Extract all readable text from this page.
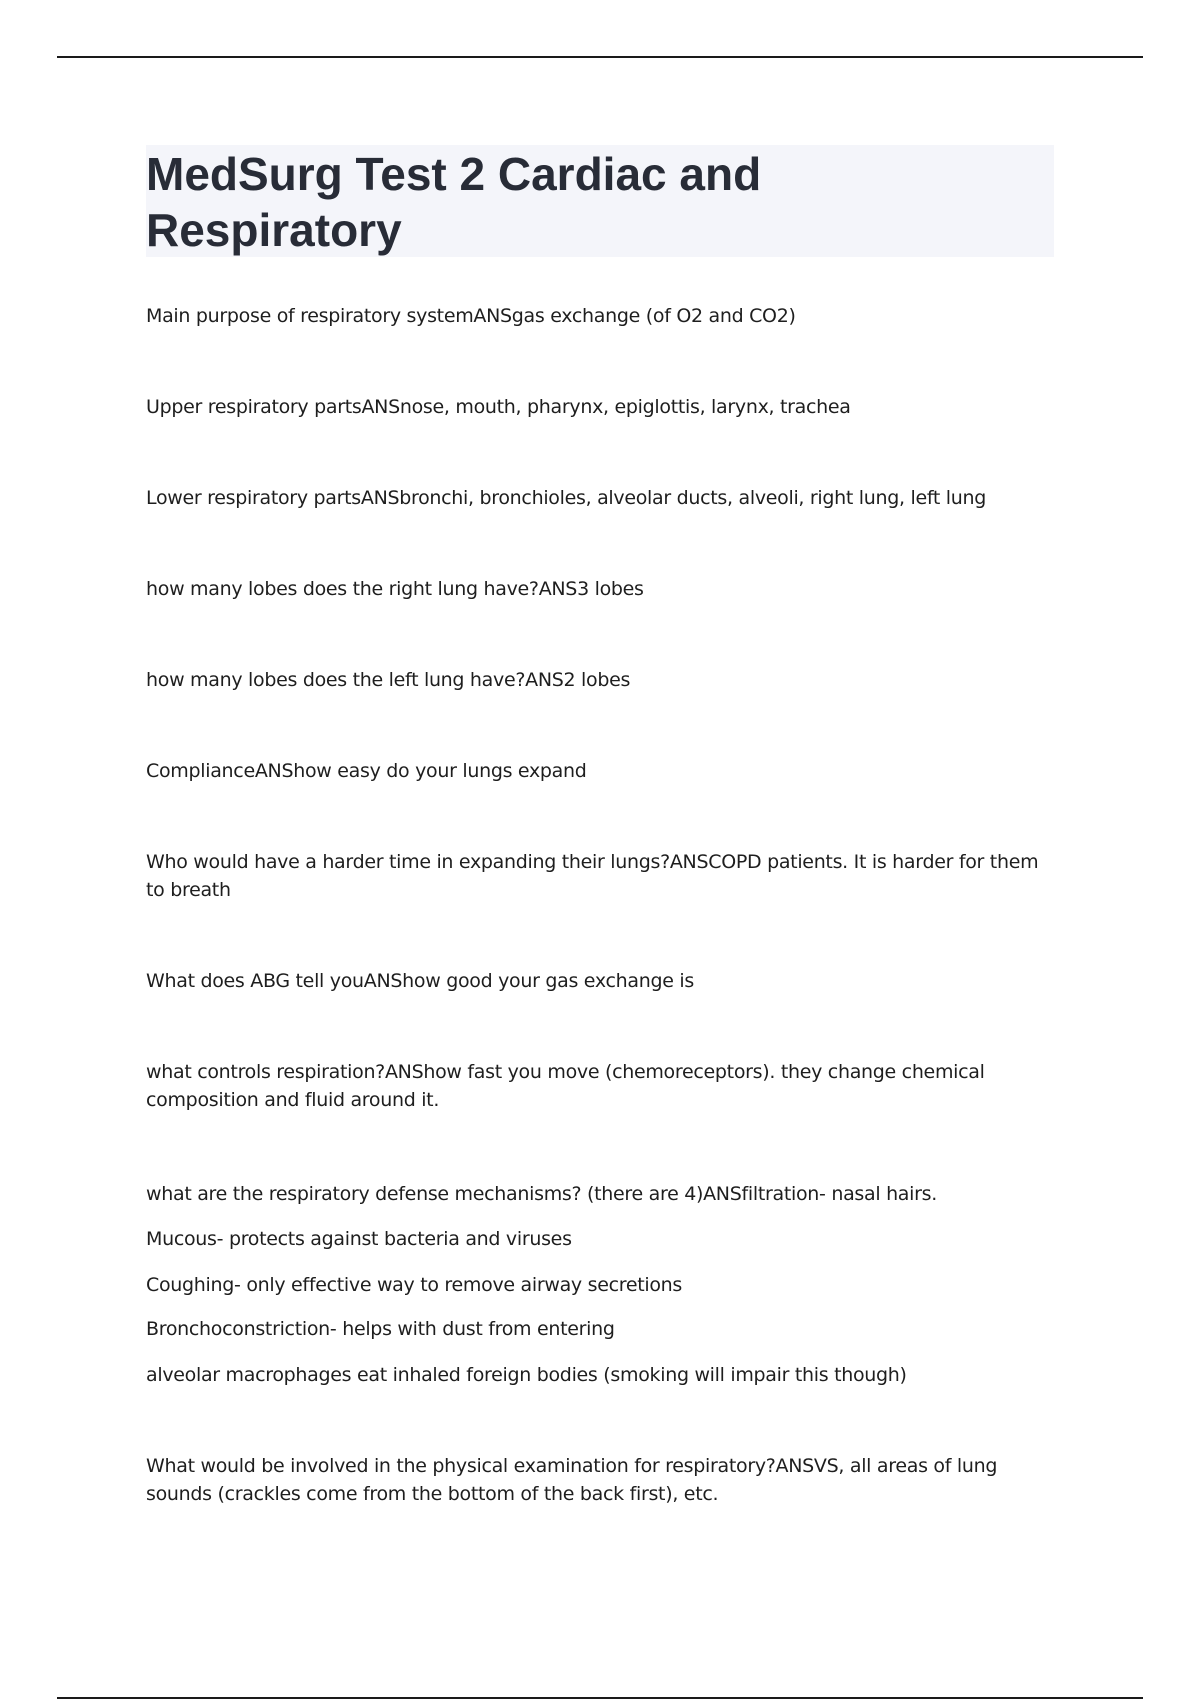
MedSurg Test 2 Cardiac and Respiratory

Main purpose of respiratory systemANSgas exchange (of O2 and CO2)

Upper respiratory partsANSnose, mouth, pharynx, epiglottis, larynx, trachea

Lower respiratory partsANSbronchi, bronchioles, alveolar ducts, alveoli, right lung, left lung

how many lobes does the right lung have?ANS3 lobes

how many lobes does the left lung have?ANS2 lobes

ComplianceANShow easy do your lungs expand

Who would have a harder time in expanding their lungs?ANSCOPD patients. It is harder for them to breath

What does ABG tell youANShow good your gas exchange is

what controls respiration?ANShow fast you move (chemoreceptors). they change chemical composition and fluid around it.

what are the respiratory defense mechanisms? (there are 4)ANSfiltration- nasal hairs.

Mucous- protects against bacteria and viruses

Coughing- only effective way to remove airway secretions

Bronchoconstriction- helps with dust from entering

alveolar macrophages eat inhaled foreign bodies (smoking will impair this though)

What would be involved in the physical examination for respiratory?ANSVS, all areas of lung sounds (crackles come from the bottom of the back first), etc.
